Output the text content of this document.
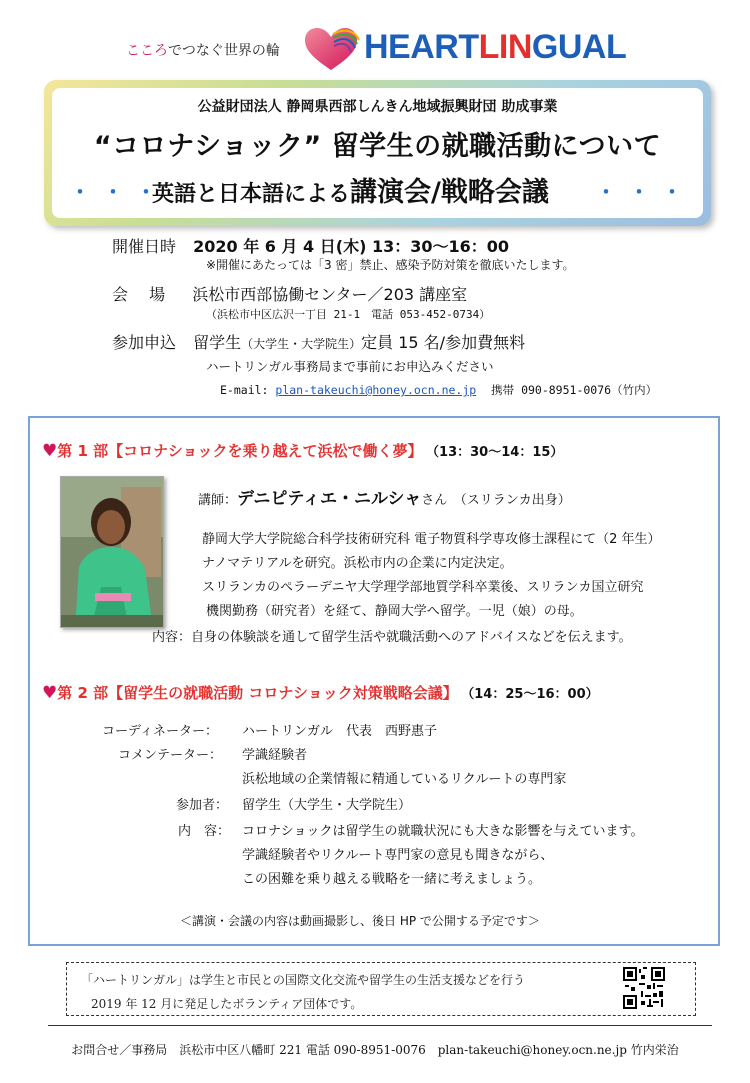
こころでつなぐ世界の輪 HEARTLINGUAL
公益財団法人 静岡県西部しんきん地域振興財団 助成事業
“コロナショック” 留学生の就職活動について
・・・
英語と日本語による講演会/戦略会議 ・・・
開催日時 2020 年 6 月 4 日(木) 13：30～16：00
※開催にあたっては「3 密」禁止、感染予防対策を徹底いたします。
会　 場 浜松市西部協働センター／203 講座室
（浜松市中区広沢一丁目 21-1　電話 053-452-0734）
参加申込 留学生（大学生・大学院生）定員 15 名/参加費無料
ハートリンガル事務局まで事前にお申込みください
E-mail: plan-takeuchi@honey.ocn.ne.jp 携帯 090-8951-0076（竹内）
♥第 1 部【コロナショックを乗り越えて浜松で働く夢】 （13：30～14：15）
講師：デニピティエ・ニルシャさん　（スリランカ出身）
静岡大学大学院総合科学技術研究科 電子物質科学専攻修士課程にて（2 年生）
ナノマテリアルを研究。浜松市内の企業に内定決定。
スリランカのペラーデニヤ大学理学部地質学科卒業後、スリランカ国立研究
機関勤務（研究者）を経て、静岡大学へ留学。一児（娘）の母。
内容：自身の体験談を通して留学生活や就職活動へのアドバイスなどを伝えます。
♥第 2 部【留学生の就職活動 コロナショック対策戦略会議】 （14：25～16：00）
コーディネーター： ハートリンガル　代表　西野惠子
コメンテーター： 学識経験者
浜松地域の企業情報に精通しているリクルートの専門家
参加者： 留学生（大学生・大学院生）
内　容： コロナショックは留学生の就職状況にも大きな影響を与えています。
学識経験者やリクルート専門家の意見も聞きながら、
この困難を乗り越える戦略を一緒に考えましょう。
＜講演・会議の内容は動画撮影し、後日 HP で公開する予定です＞
「ハートリンガル」は学生と市民との国際文化交流や留学生の生活支援などを行う
2019 年 12 月に発足したボランティア団体です。
お問合せ／事務局　浜松市中区八幡町 221 電話 090-8951-0076　plan-takeuchi@honey.ocn.ne.jp 竹内栄治
